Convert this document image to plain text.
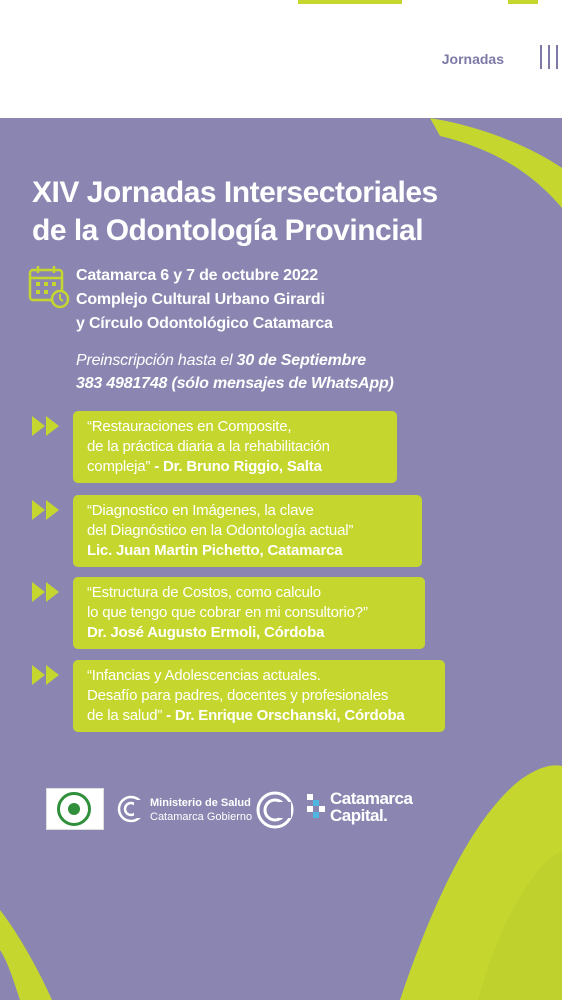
Jornadas
XIV Jornadas Intersectoriales
de la Odontología Provincial
Catamarca 6 y 7 de octubre 2022
Complejo Cultural Urbano Girardi
y Círculo Odontológico Catamarca
Preinscripción hasta el 30 de Septiembre
383 4981748 (sólo mensajes de WhatsApp)
“Restauraciones en Composite,
de la práctica diaria a la rehabilitación
compleja” - Dr. Bruno Riggio, Salta
“Diagnostico en Imágenes, la clave
del Diagnóstico en la Odontología actual”
Lic. Juan Martin Pichetto, Catamarca
“Estructura de Costos, como calculo
lo que tengo que cobrar en mi consultorio?”
Dr. José Augusto Ermoli, Córdoba
“Infancias y Adolescencias actuales.
Desafío para padres, docentes y profesionales
de la salud” - Dr. Enrique Orschanski, Córdoba
Ministerio de Salud
Catamarca Gobierno
Catamarca
Capital.
